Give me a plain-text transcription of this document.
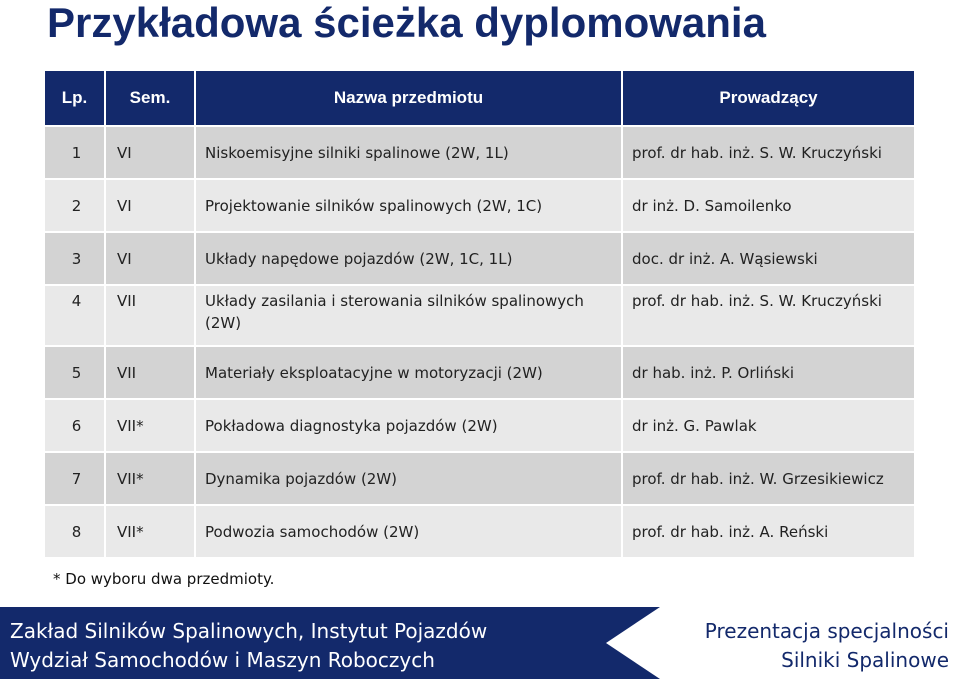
Przykładowa ścieżka dyplomowania
Lp.	Sem.	Nazwa przedmiotu	Prowadzący
1	VI	Niskoemisyjne silniki spalinowe (2W, 1L)	prof. dr hab. inż. S. W. Kruczyński
2	VI	Projektowanie silników spalinowych (2W, 1C)	dr inż. D. Samoilenko
3	VI	Układy napędowe pojazdów (2W, 1C, 1L)	doc. dr inż. A. Wąsiewski
4	VII	Układy zasilania i sterowania silników spalinowych (2W)	prof. dr hab. inż. S. W. Kruczyński
5	VII	Materiały eksploatacyjne w motoryzacji (2W)	dr hab. inż. P. Orliński
6	VII*	Pokładowa diagnostyka pojazdów (2W)	dr inż. G. Pawlak
7	VII*	Dynamika pojazdów (2W)	prof. dr hab. inż. W. Grzesikiewicz
8	VII*	Podwozia samochodów (2W)	prof. dr hab. inż. A. Reński
* Do wyboru dwa przedmioty.
Zakład Silników Spalinowych, Instytut Pojazdów
Wydział Samochodów i Maszyn Roboczych
Prezentacja specjalności
Silniki Spalinowe
